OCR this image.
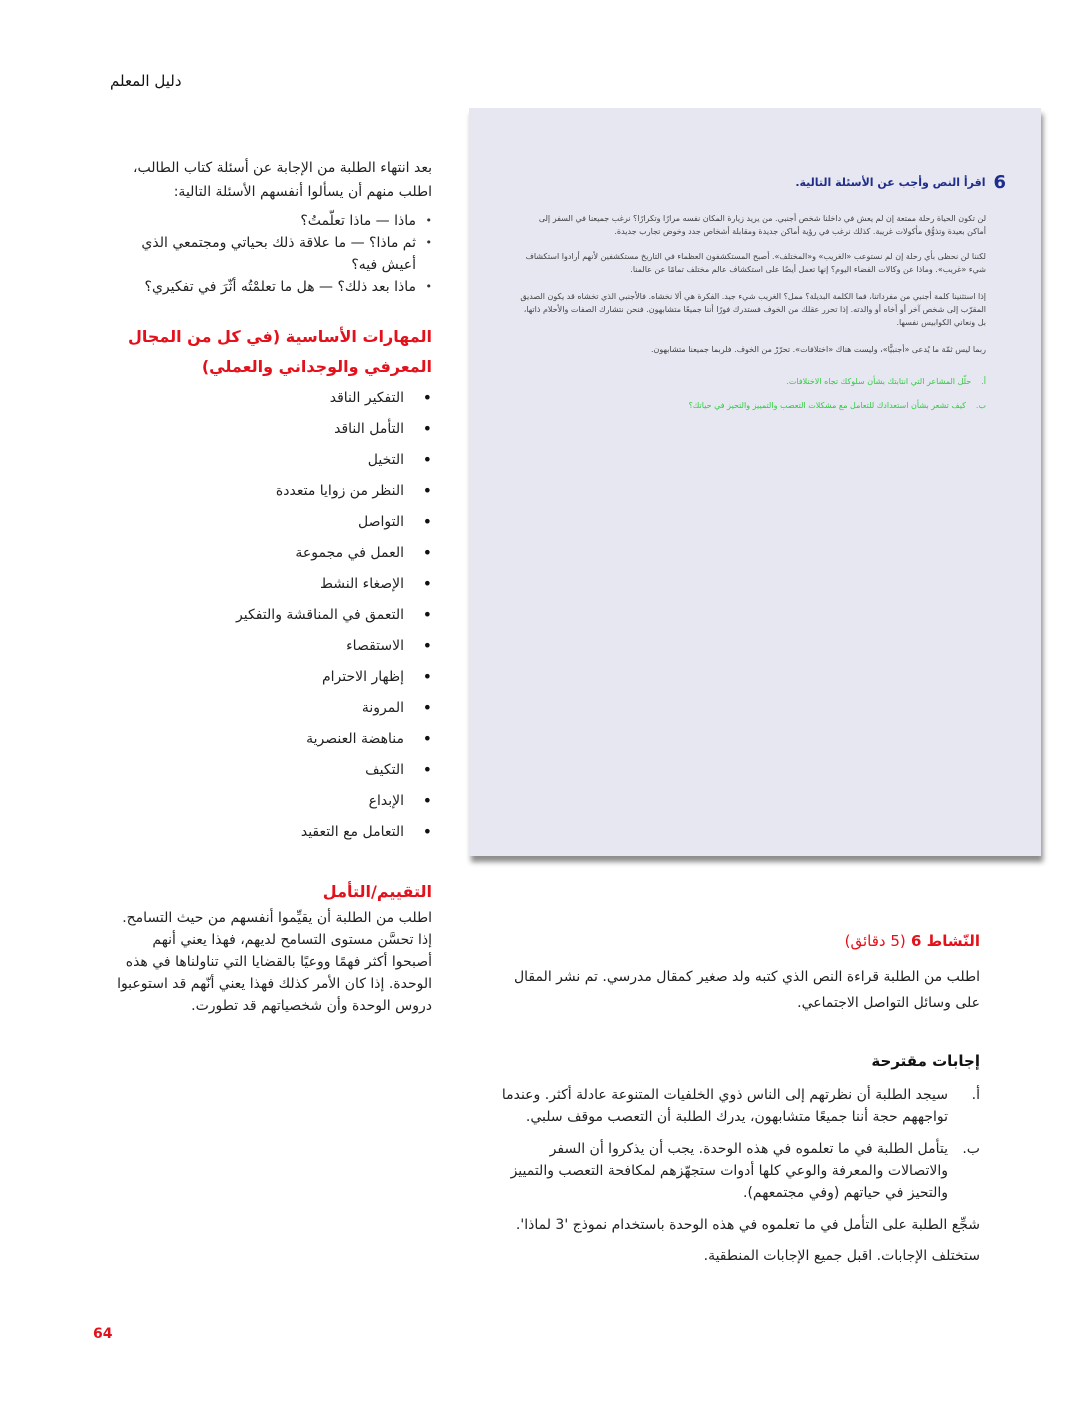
دليل المعلم

بعد انتهاء الطلبة من الإجابة عن أسئلة كتاب الطالب، اطلب منهم أن يسألوا أنفسهم الأسئلة التالية:

• ماذا — ماذا تعلّمتُ؟
• ثم ماذا؟ — ما علاقة ذلك بحياتي ومجتمعي الذي أعيش فيه؟
• ماذا بعد ذلك؟ — هل ما تعلمْتُه أثّرَ في تفكيري؟

المهارات الأساسية (في كل من المجال المعرفي والوجداني والعملي)

• التفكير الناقد
• التأمل الناقد
• التخيل
• النظر من زوايا متعددة
• التواصل
• العمل في مجموعة
• الإصغاء النشط
• التعمق في المناقشة والتفكير
• الاستقصاء
• إظهار الاحترام
• المرونة
• مناهضة العنصرية
• التكيف
• الإبداع
• التعامل مع التعقيد

التقييم/التأمل

اطلب من الطلبة أن يقيِّموا أنفسهم من حيث التسامح. إذا تحسَّن مستوى التسامح لديهم، فهذا يعني أنهم أصبحوا أكثر فهمًا ووعيًا بالقضايا التي تناولناها في هذه الوحدة. إذا كان الأمر كذلك فهذا يعني أنّهم قد استوعبوا دروس الوحدة وأن شخصياتهم قد تطورت.

6
اقرأ النص وأجب عن الأسئلة التالية.

لن تكون الحياة رحلة ممتعة إن لم يعش في داخلنا شخص أجنبي. من يريد زيارة المكان نفسه مرارًا وتكرارًا؟ نرغب جميعنا في السفر إلى أماكن بعيدة وتذوُّق مأكولات غريبة. كذلك نرغب في رؤية أماكن جديدة ومقابلة أشخاص جدد وخوض تجارب جديدة.

لكننا لن نحظى بأي رحلة إن لم نستوعب «الغريب» و«المختلف». أصبح المستكشفون العظماء في التاريخ مستكشفين لأنهم أرادوا استكشاف شيء «غريب». وماذا عن وكالات الفضاء اليوم؟ إنها تعمل أيضًا على استكشاف عالم مختلف تمامًا عن عالمنا.

إذا استثنينا كلمة أجنبي من مفرداتنا، فما الكلمة البديلة؟ ممل؟ الغريب شيء جيد. الفكرة هي ألا نخشاه. فالأجنبي الذي تخشاه قد يكون الصديق المقرّب إلى شخص آخر أو أخاه أو والدته. إذا تحرر عقلك من الخوف فستدرك فورًا أننا جميعًا متشابهون. فنحن نتشارك الصفات والأحلام ذاتها، بل ونعاني الكوابيس نفسها.

ربما ليس ثمّة ما يُدعى «أجنبيًّا»، وليست هناك «اختلافات». تحرّرْ من الخوف. فلربما جميعنا متشابهون.

أ.
حلّل المشاعر التي انتابتك بشأن سلوكك تجاه الاختلافات.
ب.
كيف تشعر بشأن استعدادك للتعامل مع مشكلات التعصب والتمييز والتحيز في حياتك؟
النّشاط 6 (5 دقائق)

اطلب من الطلبة قراءة النص الذي كتبه ولد صغير كمقال مدرسي. تم نشر المقال على وسائل التواصل الاجتماعي.

إجابات مقترحة
أ.
سيجد الطلبة أن نظرتهم إلى الناس ذوي الخلفيات المتنوعة عادلة أكثر. وعندما تواجههم حجة أننا جميعًا متشابهون، يدرك الطلبة أن التعصب موقف سلبي.
ب.
يتأمل الطلبة في ما تعلموه في هذه الوحدة. يجب أن يذكروا أن السفر والاتصالات والمعرفة والوعي كلها أدوات ستجهّزهم لمكافحة التعصب والتمييز والتحيز في حياتهم (وفي مجتمعهم).

شجِّع الطلبة على التأمل في ما تعلموه في هذه الوحدة باستخدام نموذج '3 لماذا'.

ستختلف الإجابات. اقبل جميع الإجابات المنطقية.

64
